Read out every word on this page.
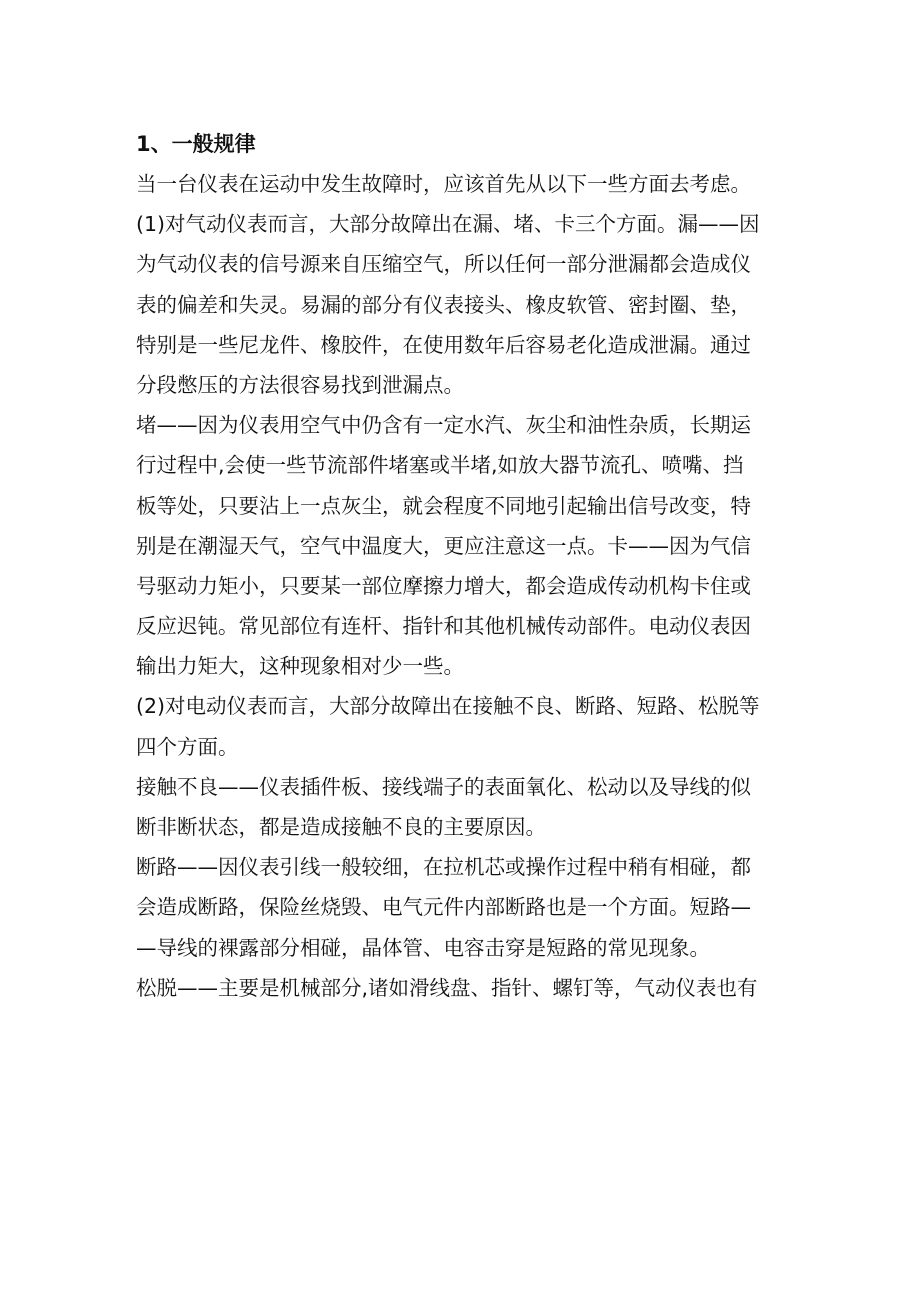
1、一般规律

当一台仪表在运动中发生故障时，应该首先从以下一些方面去考虑。

(1)对气动仪表而言，大部分故障出在漏、堵、卡三个方面。漏——因
为气动仪表的信号源来自压缩空气，所以任何一部分泄漏都会造成仪
表的偏差和失灵。易漏的部分有仪表接头、橡皮软管、密封圈、垫，
特别是一些尼龙件、橡胶件，在使用数年后容易老化造成泄漏。通过
分段憋压的方法很容易找到泄漏点。

堵——因为仪表用空气中仍含有一定水汽、灰尘和油性杂质，长期运
行过程中,会使一些节流部件堵塞或半堵,如放大器节流孔、喷嘴、挡
板等处，只要沾上一点灰尘，就会程度不同地引起输出信号改变，特
别是在潮湿天气，空气中温度大，更应注意这一点。卡——因为气信
号驱动力矩小，只要某一部位摩擦力增大，都会造成传动机构卡住或
反应迟钝。常见部位有连杆、指针和其他机械传动部件。电动仪表因
输出力矩大，这种现象相对少一些。

(2)对电动仪表而言，大部分故障出在接触不良、断路、短路、松脱等
四个方面。

接触不良——仪表插件板、接线端子的表面氧化、松动以及导线的似
断非断状态，都是造成接触不良的主要原因。

断路——因仪表引线一般较细，在拉机芯或操作过程中稍有相碰，都
会造成断路，保险丝烧毁、电气元件内部断路也是一个方面。短路—
—导线的裸露部分相碰，晶体管、电容击穿是短路的常见现象。

松脱——主要是机械部分,诸如滑线盘、指针、螺钉等，气动仪表也有
